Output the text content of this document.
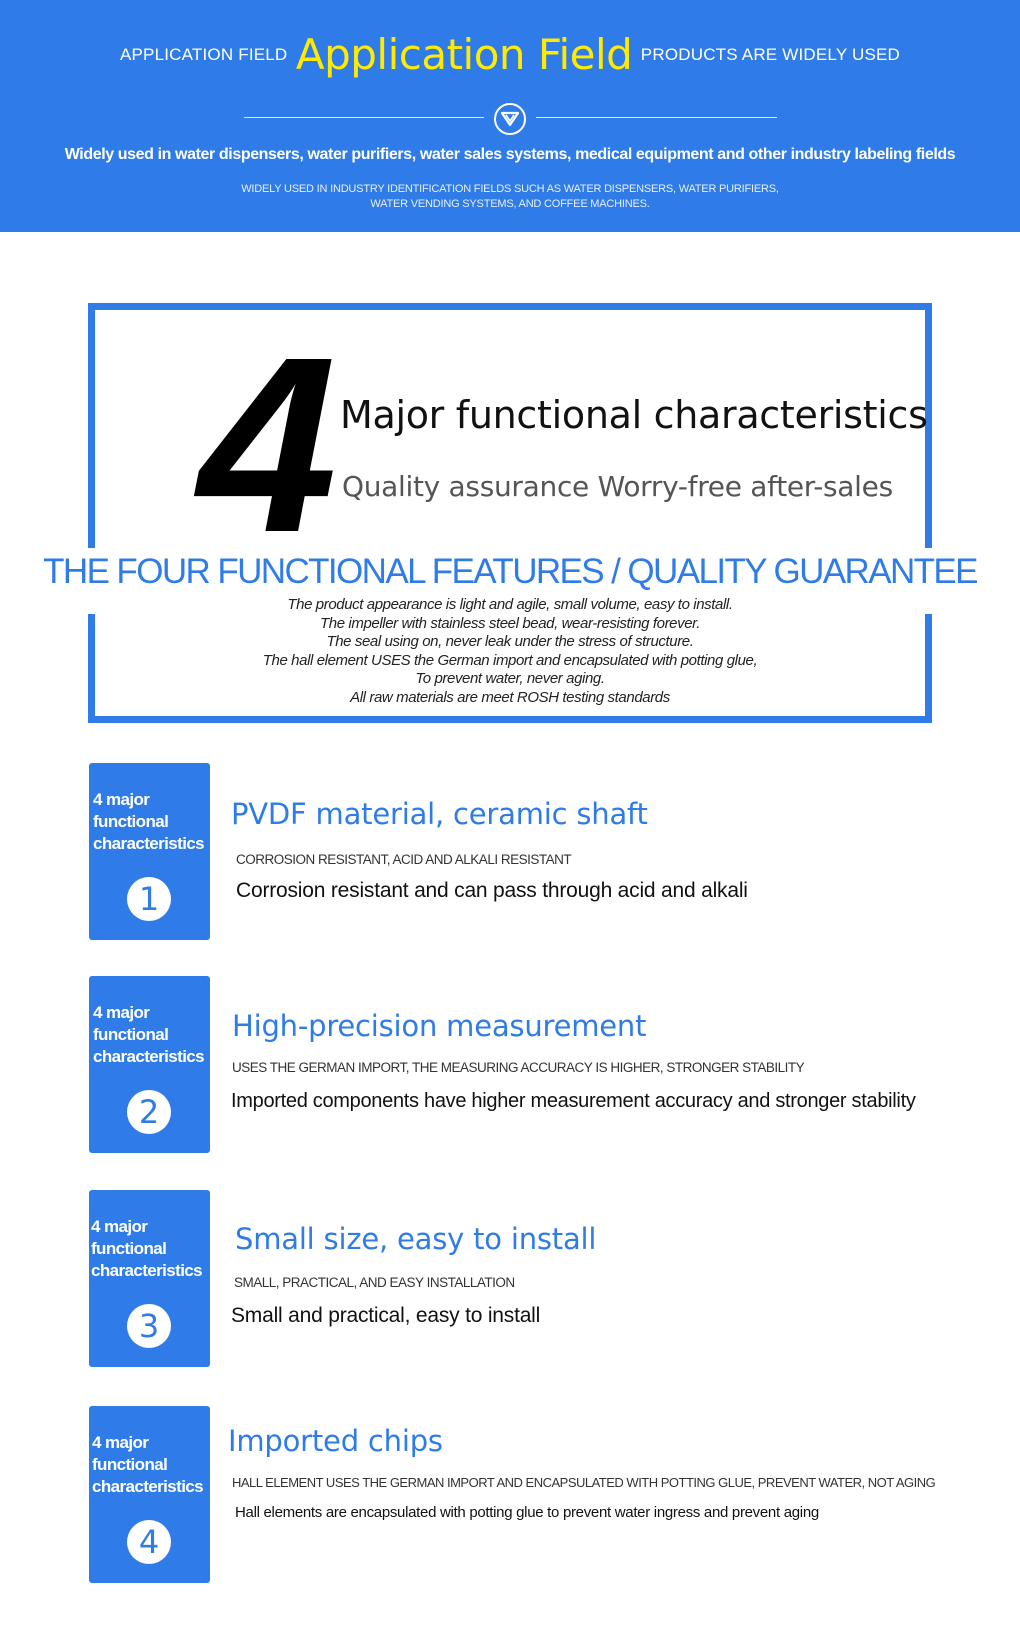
APPLICATION FIELD Application Field PRODUCTS ARE WIDELY USED
Widely used in water dispensers, water purifiers, water sales systems, medical equipment and other industry labeling fields
WIDELY USED IN INDUSTRY IDENTIFICATION FIELDS SUCH AS WATER DISPENSERS, WATER PURIFIERS,
WATER VENDING SYSTEMS, AND COFFEE MACHINES.
4 Major functional characteristics
Quality assurance Worry-free after-sales
THE FOUR FUNCTIONAL FEATURES / QUALITY GUARANTEE
The product appearance is light and agile, small volume, easy to install.
The impeller with stainless steel bead, wear-resisting forever.
The seal using on, never leak under the stress of structure.
The hall element USES the German import and encapsulated with potting glue,
To prevent water, never aging.
All raw materials are meet ROSH testing standards
4 major
functional
characteristics
1
PVDF material, ceramic shaft
CORROSION RESISTANT, ACID AND ALKALI RESISTANT
Corrosion resistant and can pass through acid and alkali
4 major
functional
characteristics
2
High-precision measurement
USES THE GERMAN IMPORT, THE MEASURING ACCURACY IS HIGHER, STRONGER STABILITY
Imported components have higher measurement accuracy and stronger stability
4 major
functional
characteristics
3
Small size, easy to install
SMALL, PRACTICAL, AND EASY INSTALLATION
Small and practical, easy to install
4 major
functional
characteristics
4
Imported chips
HALL ELEMENT USES THE GERMAN IMPORT AND ENCAPSULATED WITH POTTING GLUE, PREVENT WATER, NOT AGING
Hall elements are encapsulated with potting glue to prevent water ingress and prevent aging
